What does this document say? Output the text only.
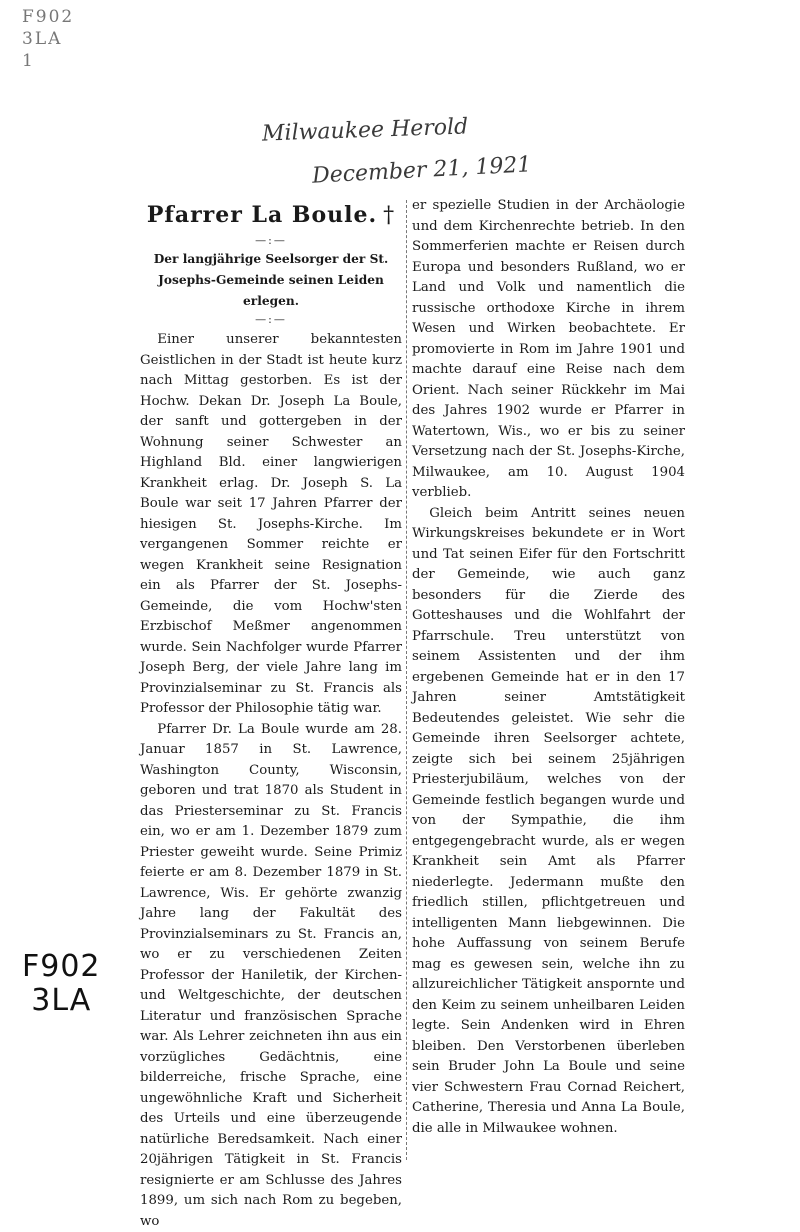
F902
3LA
1
Milwaukee Herold
December 21, 1921
F902
3LA
Pfarrer La Boule. †
—:—
Der langjährige Seelsorger der St. Josephs-Gemeinde seinen Leiden erlegen.
—:—

Einer unserer bekanntesten Geistlichen in der Stadt ist heute kurz nach Mittag gestorben. Es ist der Hochw. Dekan Dr. Joseph La Boule, der sanft und gottergeben in der Wohnung seiner Schwester an Highland Bld. einer langwierigen Krankheit erlag. Dr. Joseph S. La Boule war seit 17 Jahren Pfarrer der hiesigen St. Josephs-Kirche. Im vergangenen Sommer reichte er wegen Krankheit seine Resignation ein als Pfarrer der St. Josephs-Gemeinde, die vom Hochw'sten Erzbischof Meßmer angenommen wurde. Sein Nachfolger wurde Pfarrer Joseph Berg, der viele Jahre lang im Provinzialseminar zu St. Francis als Professor der Philosophie tätig war.

Pfarrer Dr. La Boule wurde am 28. Januar 1857 in St. Lawrence, Washington County, Wisconsin, geboren und trat 1870 als Student in das Priesterseminar zu St. Francis ein, wo er am 1. Dezember 1879 zum Priester geweiht wurde. Seine Primiz feierte er am 8. Dezember 1879 in St. Lawrence, Wis. Er gehörte zwanzig Jahre lang der Fakultät des Provinzialseminars zu St. Francis an, wo er zu verschiedenen Zeiten Professor der Haniletik, der Kirchen- und Weltgeschichte, der deutschen Literatur und französischen Sprache war. Als Lehrer zeichneten ihn aus ein vorzügliches Gedächtnis, eine bilderreiche, frische Sprache, eine ungewöhnliche Kraft und Sicherheit des Urteils und eine überzeugende natürliche Beredsamkeit. Nach einer 20jährigen Tätigkeit in St. Francis resignierte er am Schlusse des Jahres 1899, um sich nach Rom zu begeben, wo

er spezielle Studien in der Archäologie und dem Kirchenrechte betrieb. In den Sommerferien machte er Reisen durch Europa und besonders Rußland, wo er Land und Volk und namentlich die russische orthodoxe Kirche in ihrem Wesen und Wirken beobachtete. Er promovierte in Rom im Jahre 1901 und machte darauf eine Reise nach dem Orient. Nach seiner Rückkehr im Mai des Jahres 1902 wurde er Pfarrer in Watertown, Wis., wo er bis zu seiner Versetzung nach der St. Josephs-Kirche, Milwaukee, am 10. August 1904 verblieb.

Gleich beim Antritt seines neuen Wirkungskreises bekundete er in Wort und Tat seinen Eifer für den Fortschritt der Gemeinde, wie auch ganz besonders für die Zierde des Gotteshauses und die Wohlfahrt der Pfarrschule. Treu unterstützt von seinem Assistenten und der ihm ergebenen Gemeinde hat er in den 17 Jahren seiner Amtstätigkeit Bedeutendes geleistet. Wie sehr die Gemeinde ihren Seelsorger achtete, zeigte sich bei seinem 25jährigen Priesterjubiläum, welches von der Gemeinde festlich begangen wurde und von der Sympathie, die ihm entgegengebracht wurde, als er wegen Krankheit sein Amt als Pfarrer niederlegte. Jedermann mußte den friedlich stillen, pflichtgetreuen und intelligenten Mann liebgewinnen. Die hohe Auffassung von seinem Berufe mag es gewesen sein, welche ihn zu allzureichlicher Tätigkeit anspornte und den Keim zu seinem unheilbaren Leiden legte. Sein Andenken wird in Ehren bleiben. Den Verstorbenen überleben sein Bruder John La Boule und seine vier Schwestern Frau Cornad Reichert, Catherine, Theresia und Anna La Boule, die alle in Milwaukee wohnen.
